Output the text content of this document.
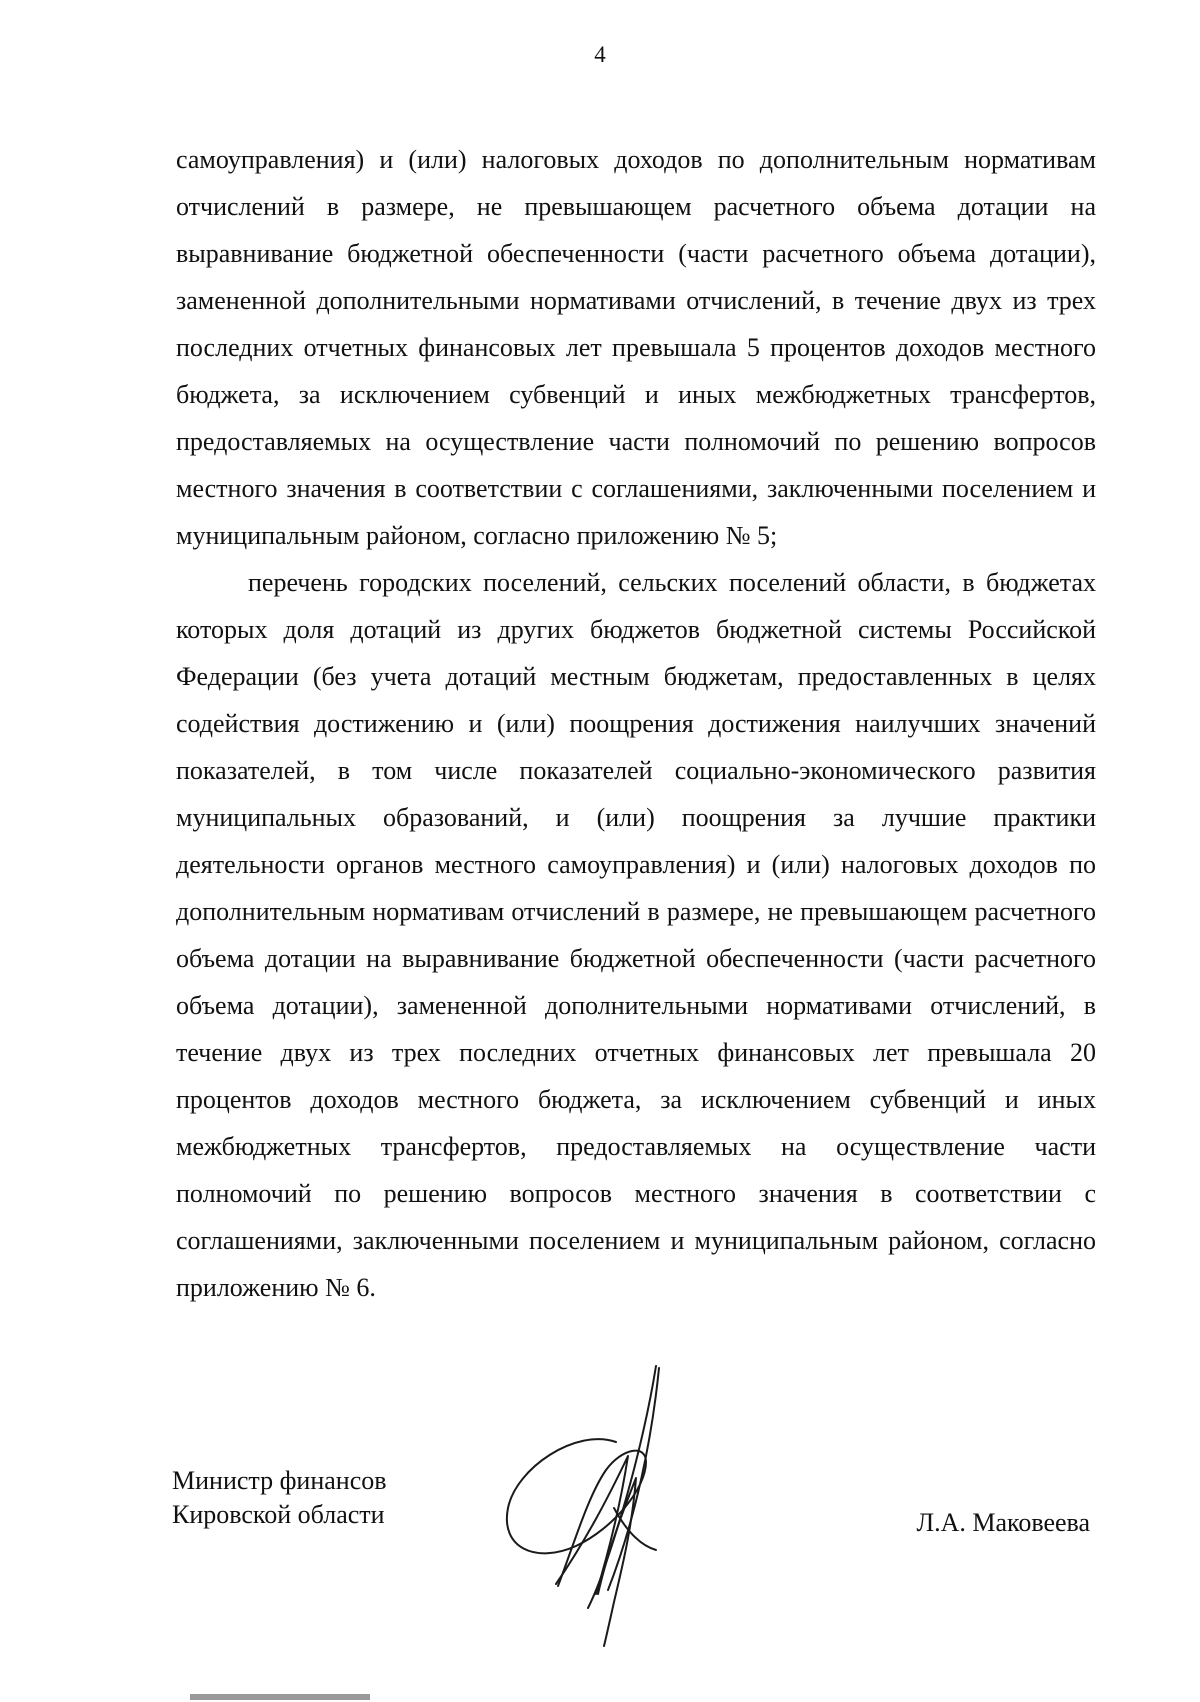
4

самоуправления) и (или) налоговых доходов по дополнительным нормативам отчислений в размере, не превышающем расчетного объема дотации на выравнивание бюджетной обеспеченности (части расчетного объема дотации), замененной дополнительными нормативами отчислений, в течение двух из трех последних отчетных финансовых лет превышала 5 процентов доходов местного бюджета, за исключением субвенций и иных межбюджетных трансфертов, предоставляемых на осуществление части полномочий по решению вопросов местного значения в соответствии с соглашениями, заключенными поселением и муниципальным районом, согласно приложению № 5;

перечень городских поселений, сельских поселений области, в бюджетах которых доля дотаций из других бюджетов бюджетной системы Российской Федерации (без учета дотаций местным бюджетам, предоставленных в целях содействия достижению и (или) поощрения достижения наилучших значений показателей, в том числе показателей социально-экономического развития муниципальных образований, и (или) поощрения за лучшие практики деятельности органов местного самоуправления) и (или) налоговых доходов по дополнительным нормативам отчислений в размере, не превышающем расчетного объема дотации на выравнивание бюджетной обеспеченности (части расчетного объема дотации), замененной дополнительными нормативами отчислений, в течение двух из трех последних отчетных финансовых лет превышала 20 процентов доходов местного бюджета, за исключением субвенций и иных межбюджетных трансфертов, предоставляемых на осуществление части полномочий по решению вопросов местного значения в соответствии с соглашениями, заключенными поселением и муниципальным районом, согласно приложению № 6.

Министр финансов
Кировской области	Л.А. Маковеева
